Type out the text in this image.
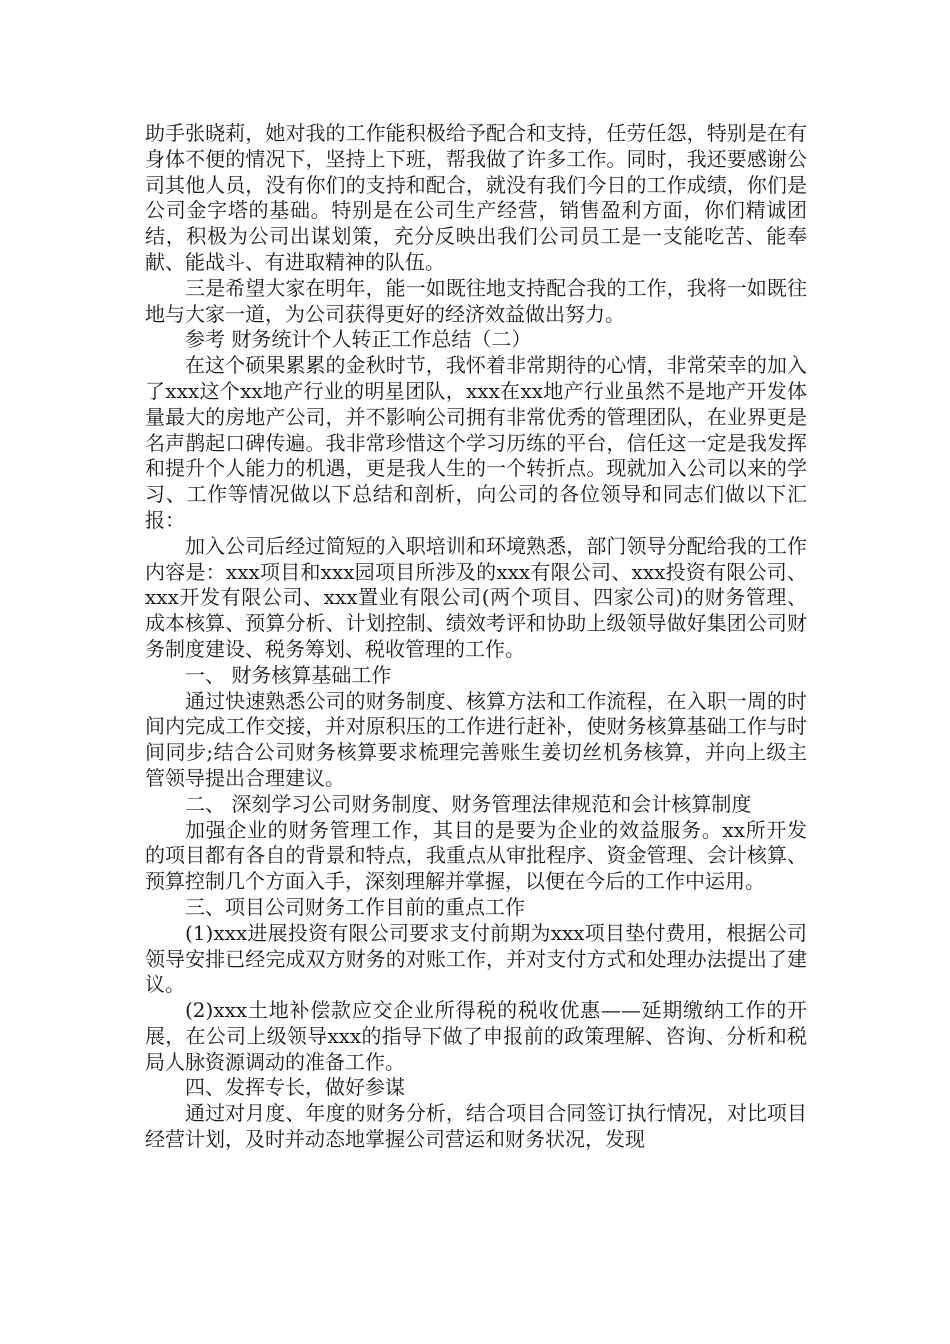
助手张晓莉，她对我的工作能积极给予配合和支持，任劳任怨，特别是在有身体不便的情况下，坚持上下班，帮我做了许多工作。同时，我还要感谢公司其他人员，没有你们的支持和配合，就没有我们今日的工作成绩，你们是公司金字塔的基础。特别是在公司生产经营，销售盈利方面，你们精诚团结，积极为公司出谋划策，充分反映出我们公司员工是一支能吃苦、能奉献、能战斗、有进取精神的队伍。

三是希望大家在明年，能一如既往地支持配合我的工作，我将一如既往地与大家一道，为公司获得更好的经济效益做出努力。

参考 财务统计个人转正工作总结（二）

在这个硕果累累的金秋时节，我怀着非常期待的心情，非常荣幸的加入了xxx这个xx地产行业的明星团队，xxx在xx地产行业虽然不是地产开发体量最大的房地产公司，并不影响公司拥有非常优秀的管理团队，在业界更是名声鹊起口碑传遍。我非常珍惜这个学习历练的平台，信任这一定是我发挥和提升个人能力的机遇，更是我人生的一个转折点。现就加入公司以来的学习、工作等情况做以下总结和剖析，向公司的各位领导和同志们做以下汇报：

加入公司后经过简短的入职培训和环境熟悉，部门领导分配给我的工作内容是：xxx项目和xxx园项目所涉及的xxx有限公司、xxx投资有限公司、xxx开发有限公司、xxx置业有限公司(两个项目、四家公司)的财务管理、成本核算、预算分析、计划控制、绩效考评和协助上级领导做好集团公司财务制度建设、税务筹划、税收管理的工作。

一、 财务核算基础工作

通过快速熟悉公司的财务制度、核算方法和工作流程，在入职一周的时间内完成工作交接，并对原积压的工作进行赶补，使财务核算基础工作与时间同步;结合公司财务核算要求梳理完善账生姜切丝机务核算，并向上级主管领导提出合理建议。

二、 深刻学习公司财务制度、财务管理法律规范和会计核算制度

加强企业的财务管理工作，其目的是要为企业的效益服务。xx所开发的项目都有各自的背景和特点，我重点从审批程序、资金管理、会计核算、预算控制几个方面入手，深刻理解并掌握，以便在今后的工作中运用。

三、项目公司财务工作目前的重点工作

(1)xxx进展投资有限公司要求支付前期为xxx项目垫付费用，根据公司领导安排已经完成双方财务的对账工作，并对支付方式和处理办法提出了建议。

(2)xxx土地补偿款应交企业所得税的税收优惠——延期缴纳工作的开展，在公司上级领导xxx的指导下做了申报前的政策理解、咨询、分析和税局人脉资源调动的准备工作。

四、发挥专长，做好参谋

通过对月度、年度的财务分析，结合项目合同签订执行情况，对比项目经营计划，及时并动态地掌握公司营运和财务状况，发现
